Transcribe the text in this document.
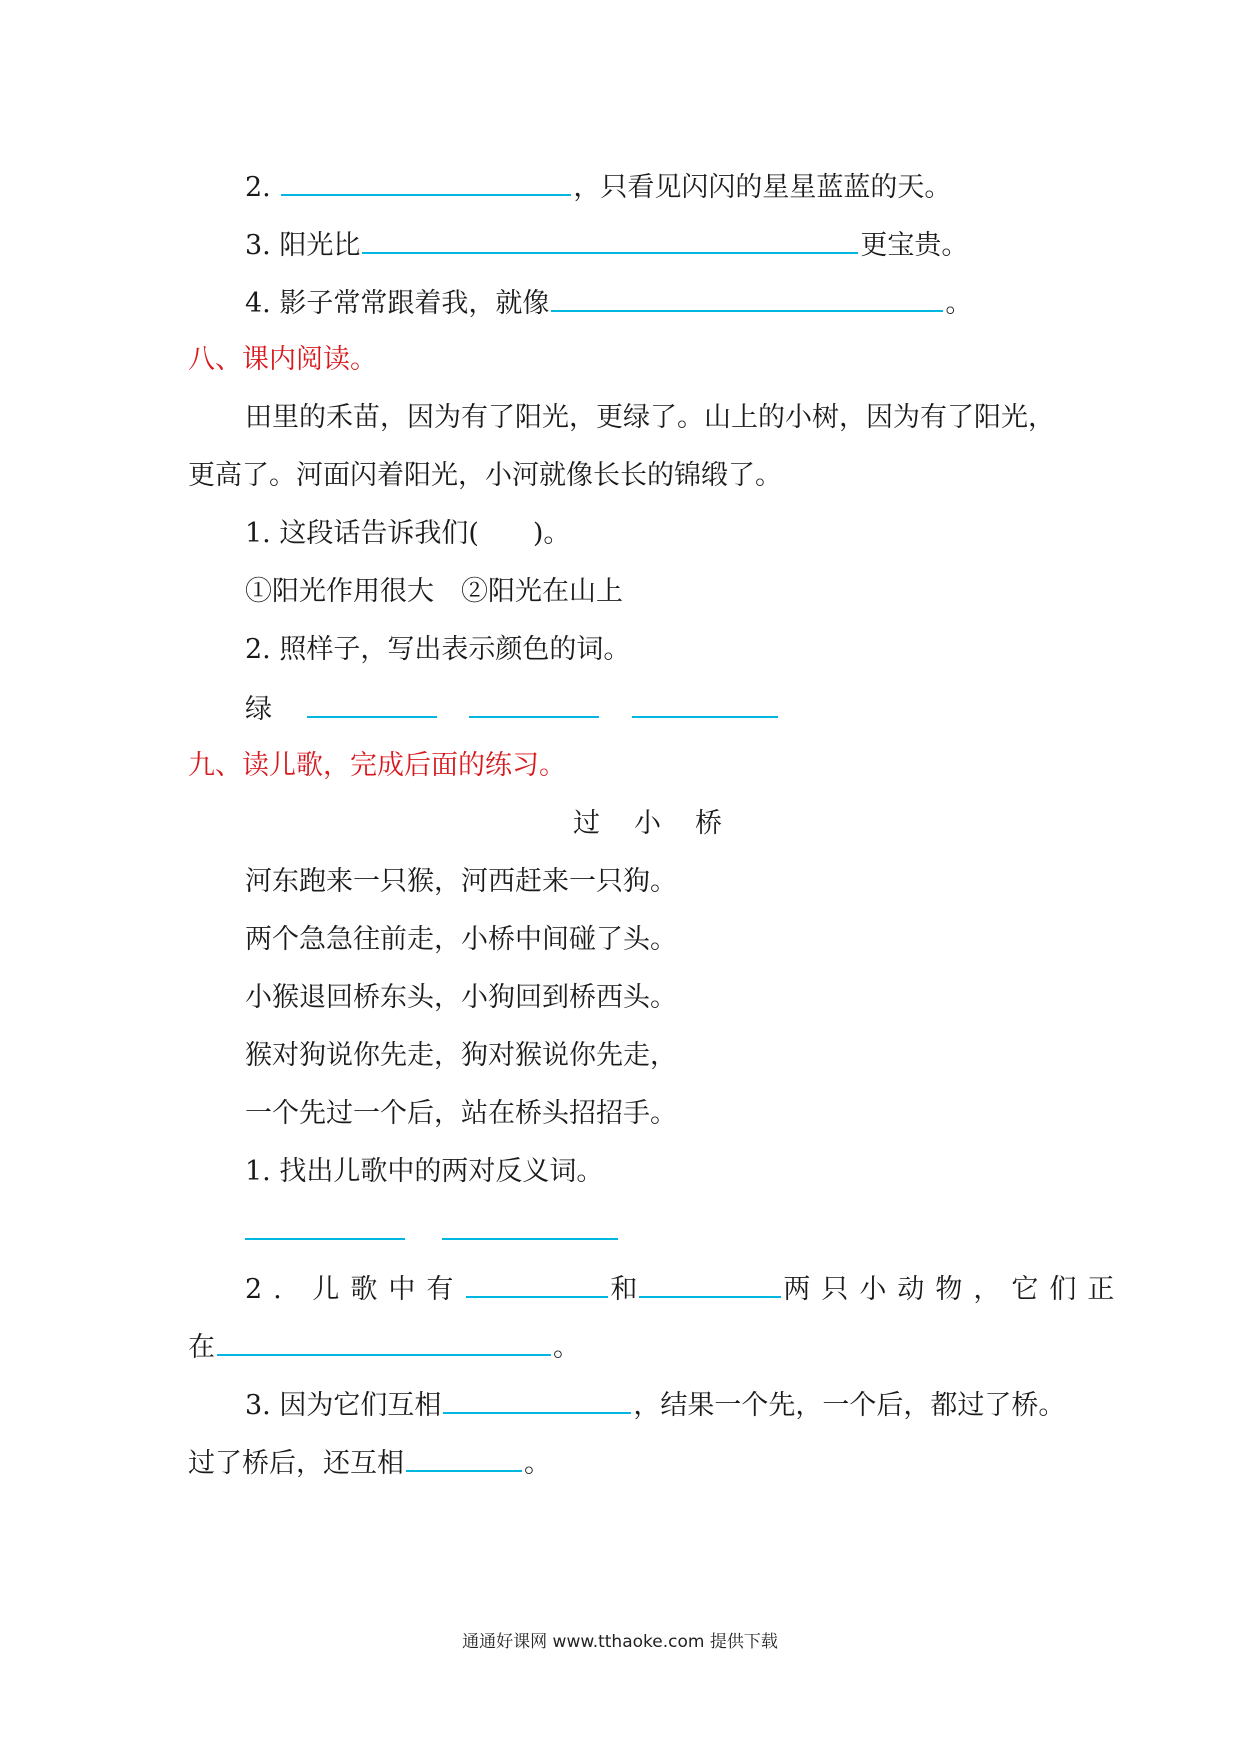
2.	，只看见闪闪的星星蓝蓝的天。
3. 阳光比	更宝贵。
4. 影子常常跟着我，就像	。
八、课内阅读。
田里的禾苗，因为有了阳光，更绿了。山上的小树，因为有了阳光，
更高了。河面闪着阳光，小河就像长长的锦缎了。
1. 这段话告诉我们(　　)。
①阳光作用很大　②阳光在山上
2. 照样子，写出表示颜色的词。
绿
九、读儿歌，完成后面的练习。
过小桥
河东跑来一只猴，河西赶来一只狗。
两个急急往前走，小桥中间碰了头。
小猴退回桥东头，小狗回到桥西头。
猴对狗说你先走，狗对猴说你先走，
一个先过一个后，站在桥头招招手。
1. 找出儿歌中的两对反义词。

2. 儿歌中有	和	两只小动物，它们正
在	。
3. 因为它们互相	，结果一个先，一个后，都过了桥。
过了桥后，还互相	。
通通好课网 www.tthaoke.com 提供下载
